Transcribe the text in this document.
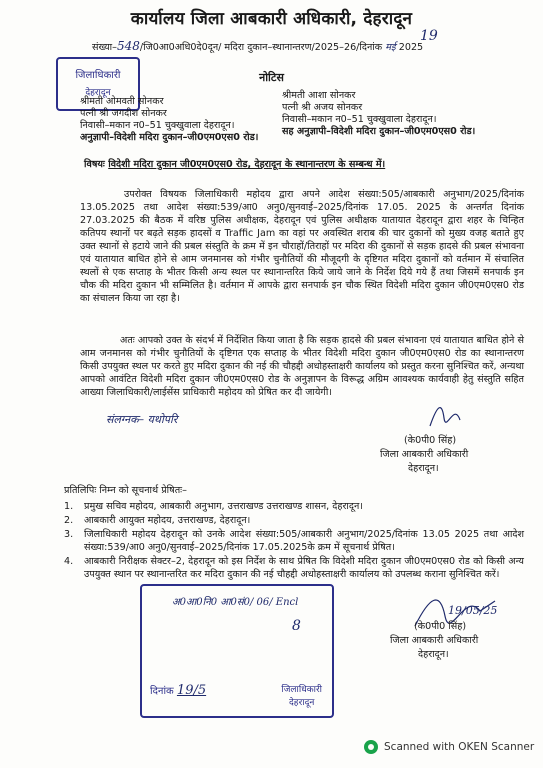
कार्यालय जिला आबकारी अधिकारी, देहरादून
संख्या–548/जि0आ0अधि0दे0दून/ मदिरा दुकान–स्थानान्तरण/2025–26/दिनांक मई 2025
19
नोटिस
जिलाधिकारी
देहरादून
श्रीमती ओमवती सोनकर
पत्नी श्री जगदीश सोनकर
निवासी–मकान न0–51 चुक्खुवाला देहरादून।
अनुज्ञापी–विदेशी मदिरा दुकान–जी0एम0एस0 रोड।
श्रीमती आशा सोनकर
पत्नी श्री अजय सोनकर
निवासी–मकान न0–51 चुक्खुवाला देहरादून।
सह अनुज्ञापी–विदेशी मदिरा दुकान–जी0एम0एस0 रोड।
विषयः विदेशी मदिरा दुकान जी0एम0एस0 रोड, देहरादून के स्थानान्तरण के सम्बन्ध में।
उपरोक्त विषयक जिलाधिकारी महोदय द्वारा अपने आदेश संख्या:505/आबकारी अनुभाग/2025/दिनांक 13.05.2025 तथा आदेश संख्या:539/आ0 अनु0/सुनवाई–2025/दिनांक 17.05. 2025 के अन्तर्गत दिनांक 27.03.2025 की बैठक में वरिष्ठ पुलिस अधीक्षक, देहरादून एवं पुलिस अधीक्षक यातायात देहरादून द्वारा शहर के चिन्हित कतिपय स्थानों पर बढ़ते सड़क हादसों व Traffic Jam का वहां पर अवस्थित शराब की चार दुकानों को मुख्य वजह बताते हुए उक्त स्थानों से हटाये जाने की प्रबल संस्तुति के क्रम में इन चौराहों/तिराहों पर मदिरा की दुकानों से सड़क हादसे की प्रबल संभावना एवं यातायात बाधित होने से आम जनमानस को गंभीर चुनौतियों की मौजूदगी के दृष्टिगत मदिरा दुकानों को वर्तमान में संचालित स्थलों से एक सप्ताह के भीतर किसी अन्य स्थल पर स्थानान्तरित किये जाये जाने के निर्देश दिये गये हैं तथा जिसमें सनपार्क इन चौक की मदिरा दुकान भी सम्मिलित है। वर्तमान में आपके द्वारा सनपार्क इन चौक स्थित विदेशी मदिरा दुकान जी0एम0एस0 रोड का संचालन किया जा रहा है।
अतः आपको उक्त के संदर्भ में निर्देशित किया जाता है कि सड़क हादसे की प्रबल संभावना एवं यातायात बाधित होने से आम जनमानस को गंभीर चुनौतियों के दृष्टिगत एक सप्ताह के भीतर विदेशी मदिरा दुकान जी0एम0एस0 रोड का स्थानान्तरण किसी उपयुक्त स्थल पर करते हुए मदिरा दुकान की नई की चौहद्दी अधोहस्ताक्षरी कार्यालय को प्रस्तुत करना सुनिश्चित करें, अन्यथा आपको आवंटित विदेशी मदिरा दुकान जी0एम0एस0 रोड के अनुज्ञापन के विरूद्ध अग्रिम आवश्यक कार्यवाही हेतु संस्तुति सहित आख्या जिलाधिकारी/लाईसेंस प्राधिकारी महोदय को प्रेषित कर दी जायेगी।
संलग्नक– यथोपरि
(के0पी0 सिंह)
जिला आबकारी अधिकारी
देहरादून।
प्रतिलिपिः निम्न को सूचनार्थ प्रेषितः–
1.	प्रमुख सचिव महोदय, आबकारी अनुभाग, उत्तराखण्ड उत्तराखण्ड शासन, देहरादून।
2.	आबकारी आयुक्त महोदय, उत्तराखण्ड, देहरादून।
3.	जिलाधिकारी महोदय देहरादून को उनके आदेश संख्या:505/आबकारी अनुभाग/2025/दिनांक 13.05 2025 तथा आदेश संख्या:539/आ0 अनु0/सुनवाई–2025/दिनांक 17.05.2025के क्रम में सूचनार्थ प्रेषित।
4.	आबकारी निरीक्षक सेक्टर–2, देहरादून को इस निर्देश के साथ प्रेषित कि विदेशी मदिरा दुकान जी0एम0एस0 रोड को किसी अन्य उपयुक्त स्थान पर स्थानान्तरित कर मदिरा दुकान की नई चौहद्दी अधोहस्ताक्षरी कार्यालय को उपलब्ध कराना सुनिश्चित करें।
अ0आ0नि0 आ0सं0/ 06/ Encl
8
दिनांक 19/5	जिलाधिकारी
देहरादून
19/05/25
(के0पी0 सिंह)
जिला आबकारी अधिकारी
देहरादून।
Scanned with OKEN Scanner
